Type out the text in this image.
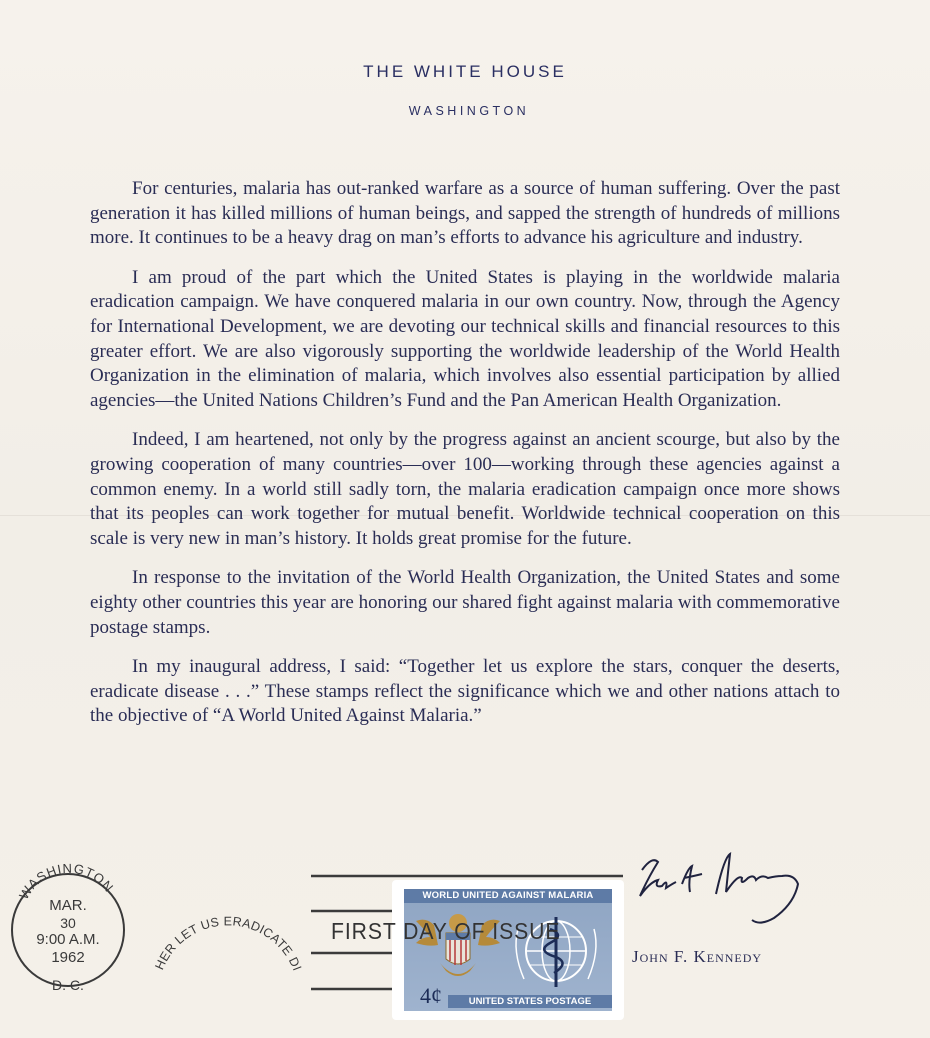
THE WHITE HOUSE
WASHINGTON

For centuries, malaria has out-ranked warfare as a source of human suffering. Over the past generation it has killed millions of human beings, and sapped the strength of hundreds of millions more. It continues to be a heavy drag on man’s efforts to advance his agriculture and industry.

I am proud of the part which the United States is playing in the worldwide malaria eradication campaign. We have conquered malaria in our own country. Now, through the Agency for International Development, we are devoting our technical skills and financial resources to this greater effort. We are also vigorously supporting the worldwide leadership of the World Health Organization in the elimination of malaria, which involves also essential participation by allied agencies—the United Nations Children’s Fund and the Pan American Health Organization.

Indeed, I am heartened, not only by the progress against an ancient scourge, but also by the growing cooperation of many countries—over 100—working through these agencies against a common enemy. In a world still sadly torn, the malaria eradication campaign once more shows that its peoples can work together for mutual benefit. Worldwide technical cooperation on this scale is very new in man’s history. It holds great promise for the future.

In response to the invitation of the World Health Organization, the United States and some eighty other countries this year are honoring our shared fight against malaria with commemorative postage stamps.

In my inaugural address, I said: “Together let us explore the stars, conquer the deserts, eradicate disease . . .” These stamps reflect the significance which we and other nations attach to the objective of “A World United Against Malaria.”

WASHINGTON
MAR.
30
9:00 A.M.
1962
D. C.
HER LET US ERADICATE DI
WORLD UNITED AGAINST MALARIA
4¢	UNITED STATES POSTAGE
FIRST DAY OF ISSUE
John F. Kennedy
